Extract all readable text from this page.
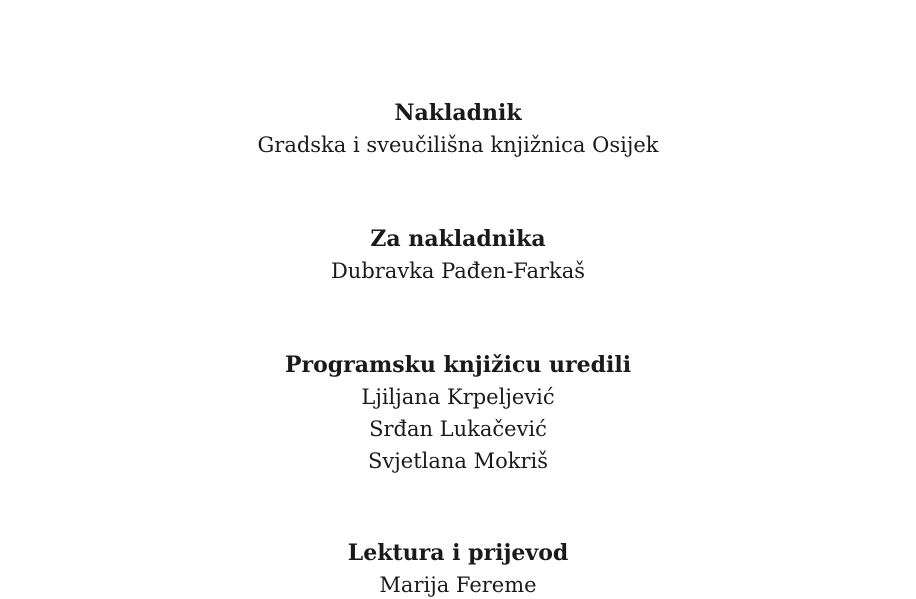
Nakladnik
Gradska i sveučilišna knjižnica Osijek
Za nakladnika
Dubravka Pađen-Farkaš
Programsku knjižicu uredili
Ljiljana Krpeljević
Srđan Lukačević
Svjetlana Mokriš
Lektura i prijevod
Marija Fereme
